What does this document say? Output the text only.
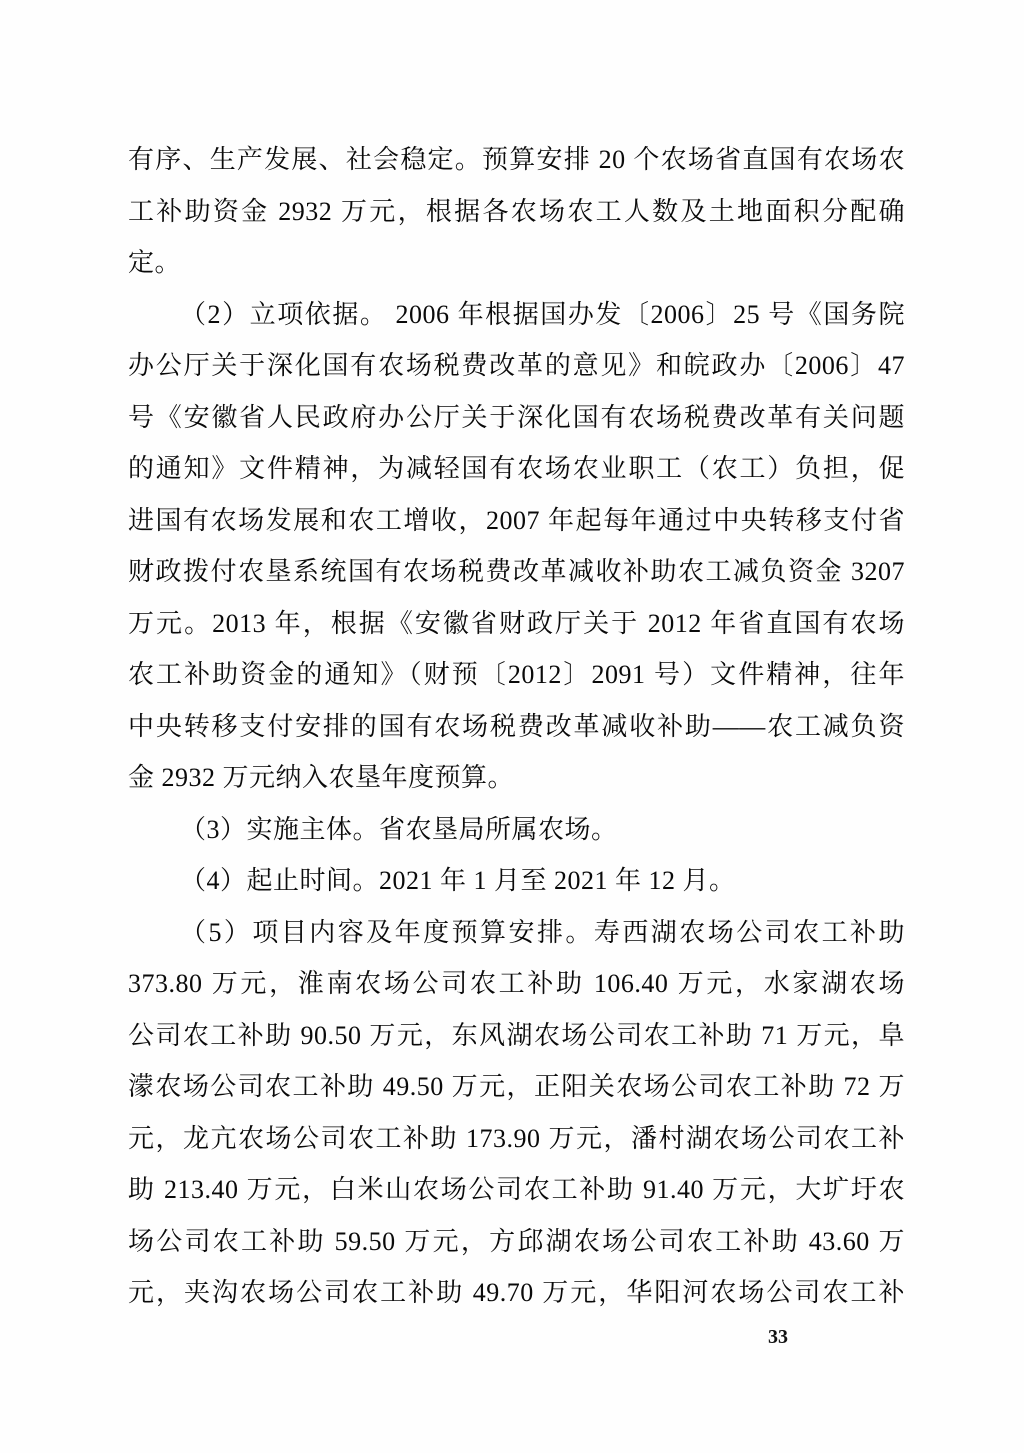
有序、生产发展、社会稳定。预算安排 20 个农场省直国有农场农
工补助资金 2932 万元，根据各农场农工人数及土地面积分配确
定。
（2）立项依据。 2006 年根据国办发〔2006〕25 号《国务院
办公厅关于深化国有农场税费改革的意见》和皖政办〔2006〕47
号《安徽省人民政府办公厅关于深化国有农场税费改革有关问题
的通知》文件精神，为减轻国有农场农业职工（农工）负担，促
进国有农场发展和农工增收，2007 年起每年通过中央转移支付省
财政拨付农垦系统国有农场税费改革减收补助农工减负资金 3207
万元。2013 年，根据《安徽省财政厅关于 2012 年省直国有农场
农工补助资金的通知》（财预〔2012〕2091 号）文件精神，往年
中央转移支付安排的国有农场税费改革减收补助——农工减负资
金 2932 万元纳入农垦年度预算。
（3）实施主体。省农垦局所属农场。
（4）起止时间。2021 年 1 月至 2021 年 12 月。
（5）项目内容及年度预算安排。寿西湖农场公司农工补助
373.80 万元，淮南农场公司农工补助 106.40 万元，水家湖农场
公司农工补助 90.50 万元，东风湖农场公司农工补助 71 万元，阜
濛农场公司农工补助 49.50 万元，正阳关农场公司农工补助 72 万
元，龙亢农场公司农工补助 173.90 万元，潘村湖农场公司农工补
助 213.40 万元，白米山农场公司农工补助 91.40 万元，大圹圩农
场公司农工补助 59.50 万元，方邱湖农场公司农工补助 43.60 万
元，夹沟农场公司农工补助 49.70 万元，华阳河农场公司农工补
33
